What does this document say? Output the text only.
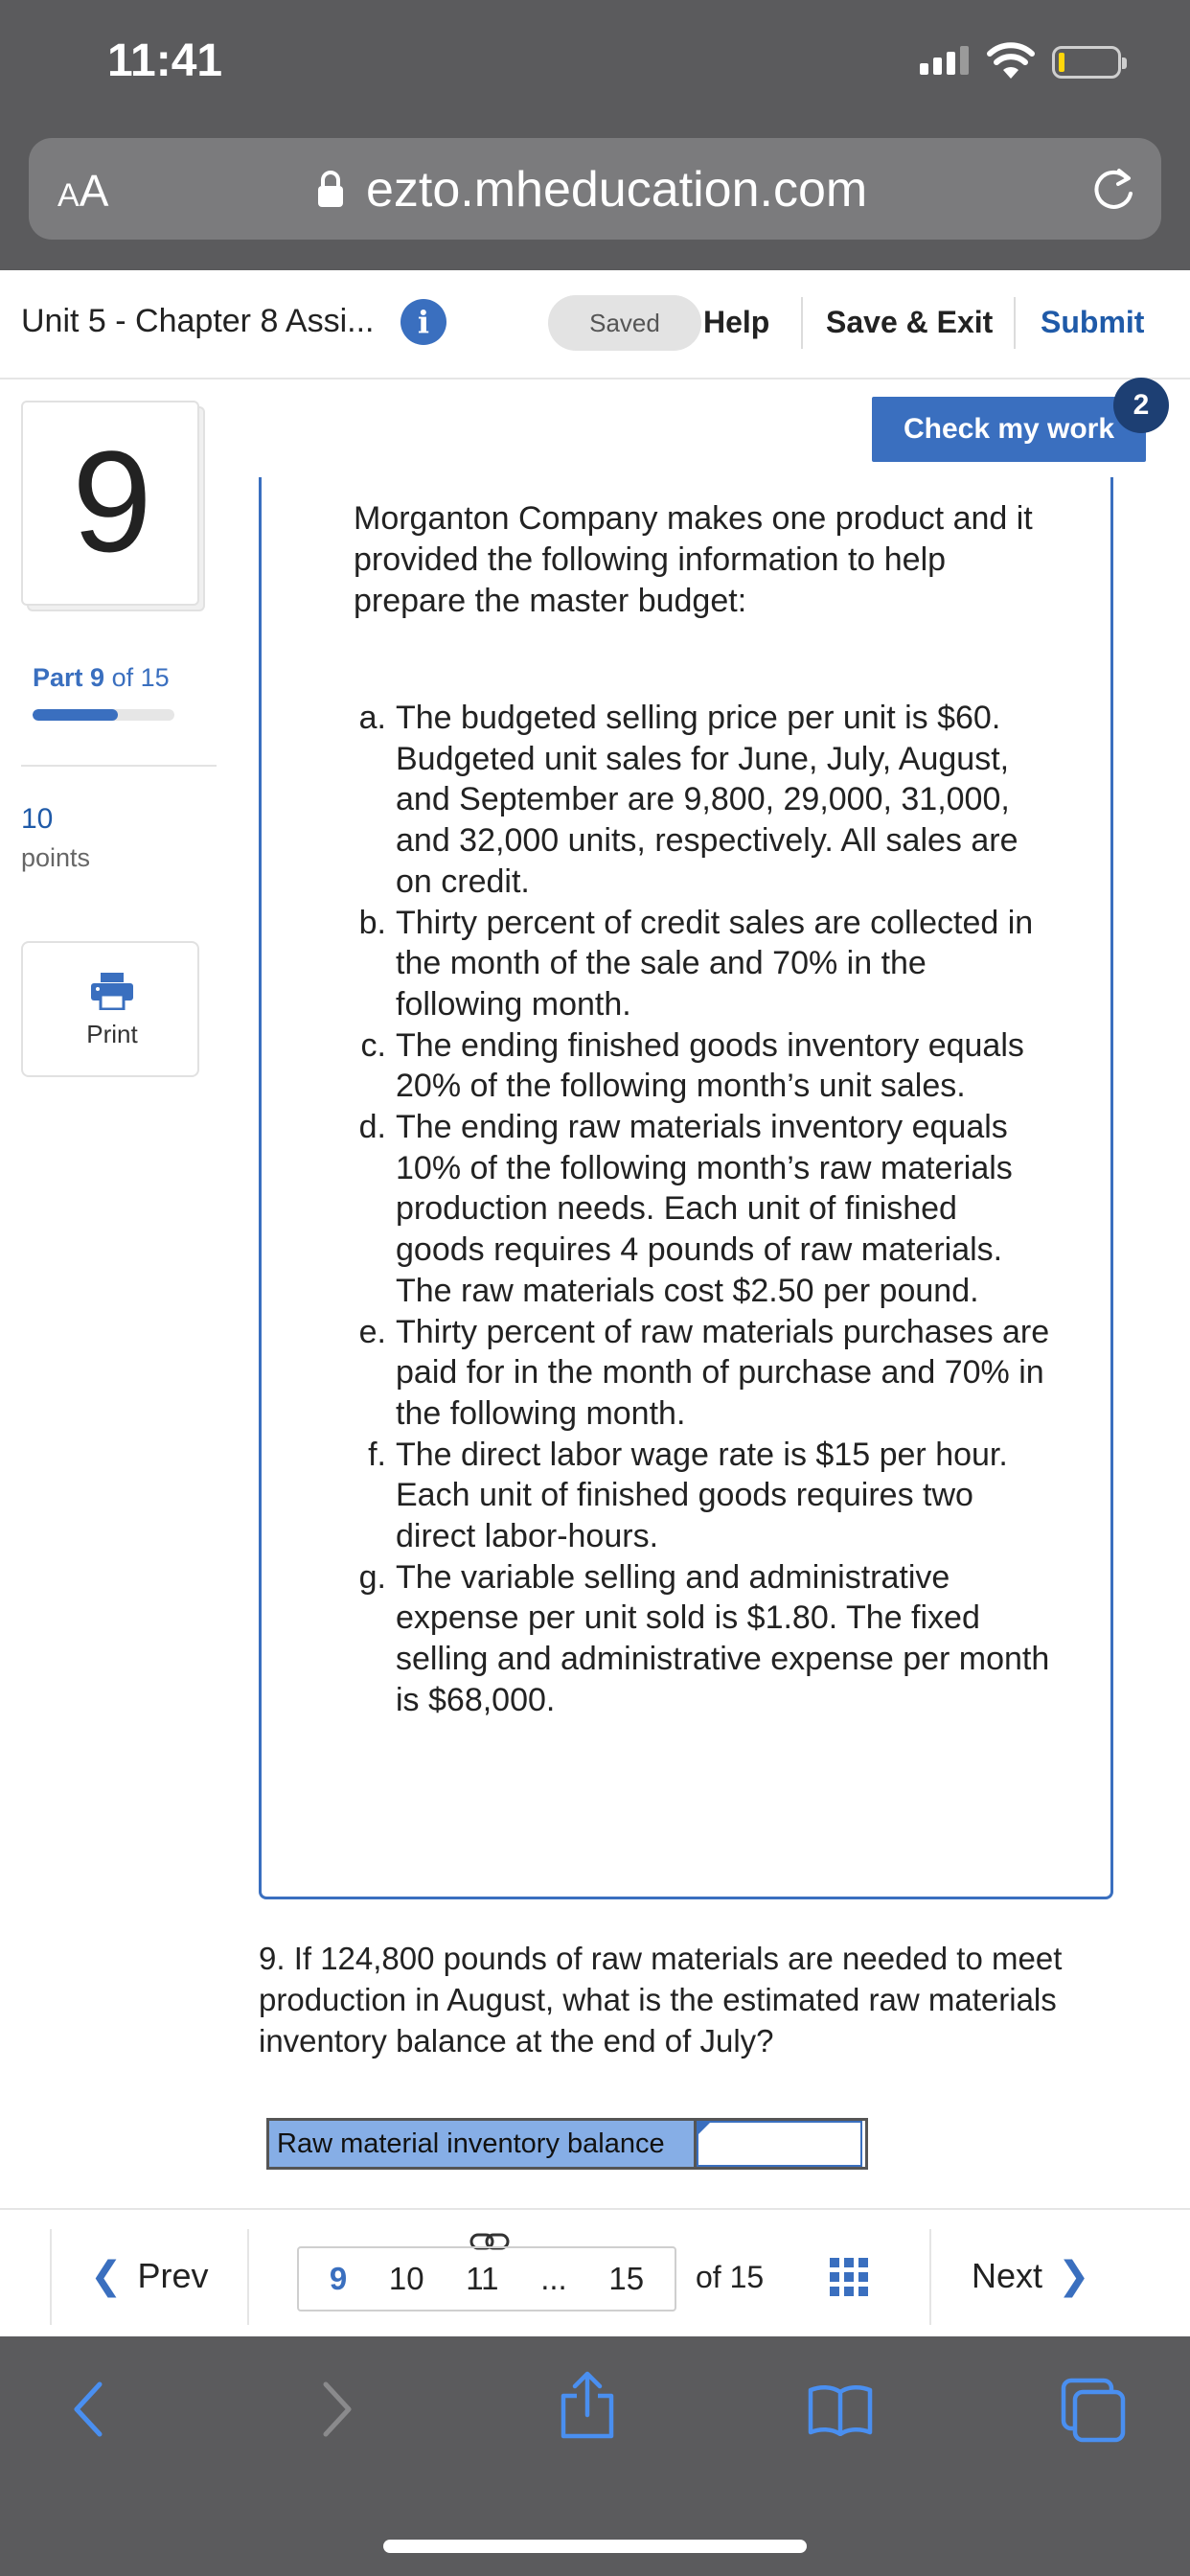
11:41
AA	ezto.mheducation.com
Unit 5 - Chapter 8 Assi...	i	Saved	Help Save & Exit Submit
9
Part 9 of 15
10
points
Print
Check my work
2
Morganton Company makes one product and it provided the following information to help prepare the master budget:
a. The budgeted selling price per unit is $60. Budgeted unit sales for June, July, August, and September are 9,800, 29,000, 31,000, and 32,000 units, respectively. All sales are on credit.
b. Thirty percent of credit sales are collected in the month of the sale and 70% in the following month.
c. The ending finished goods inventory equals 20% of the following month’s unit sales.
d. The ending raw materials inventory equals 10% of the following month’s raw materials production needs. Each unit of finished goods requires 4 pounds of raw materials. The raw materials cost $2.50 per pound.
e. Thirty percent of raw materials purchases are paid for in the month of purchase and 70% in the following month.
f. The direct labor wage rate is $15 per hour. Each unit of finished goods requires two direct labor-hours.
g. The variable selling and administrative expense per unit sold is $1.80. The fixed selling and administrative expense per month is $68,000.
9. If 124,800 pounds of raw materials are needed to meet production in August, what is the estimated raw materials inventory balance at the end of July?
Raw material inventory balance
❮ Prev	9 10 11 ... 15 of 15	Next ❯
